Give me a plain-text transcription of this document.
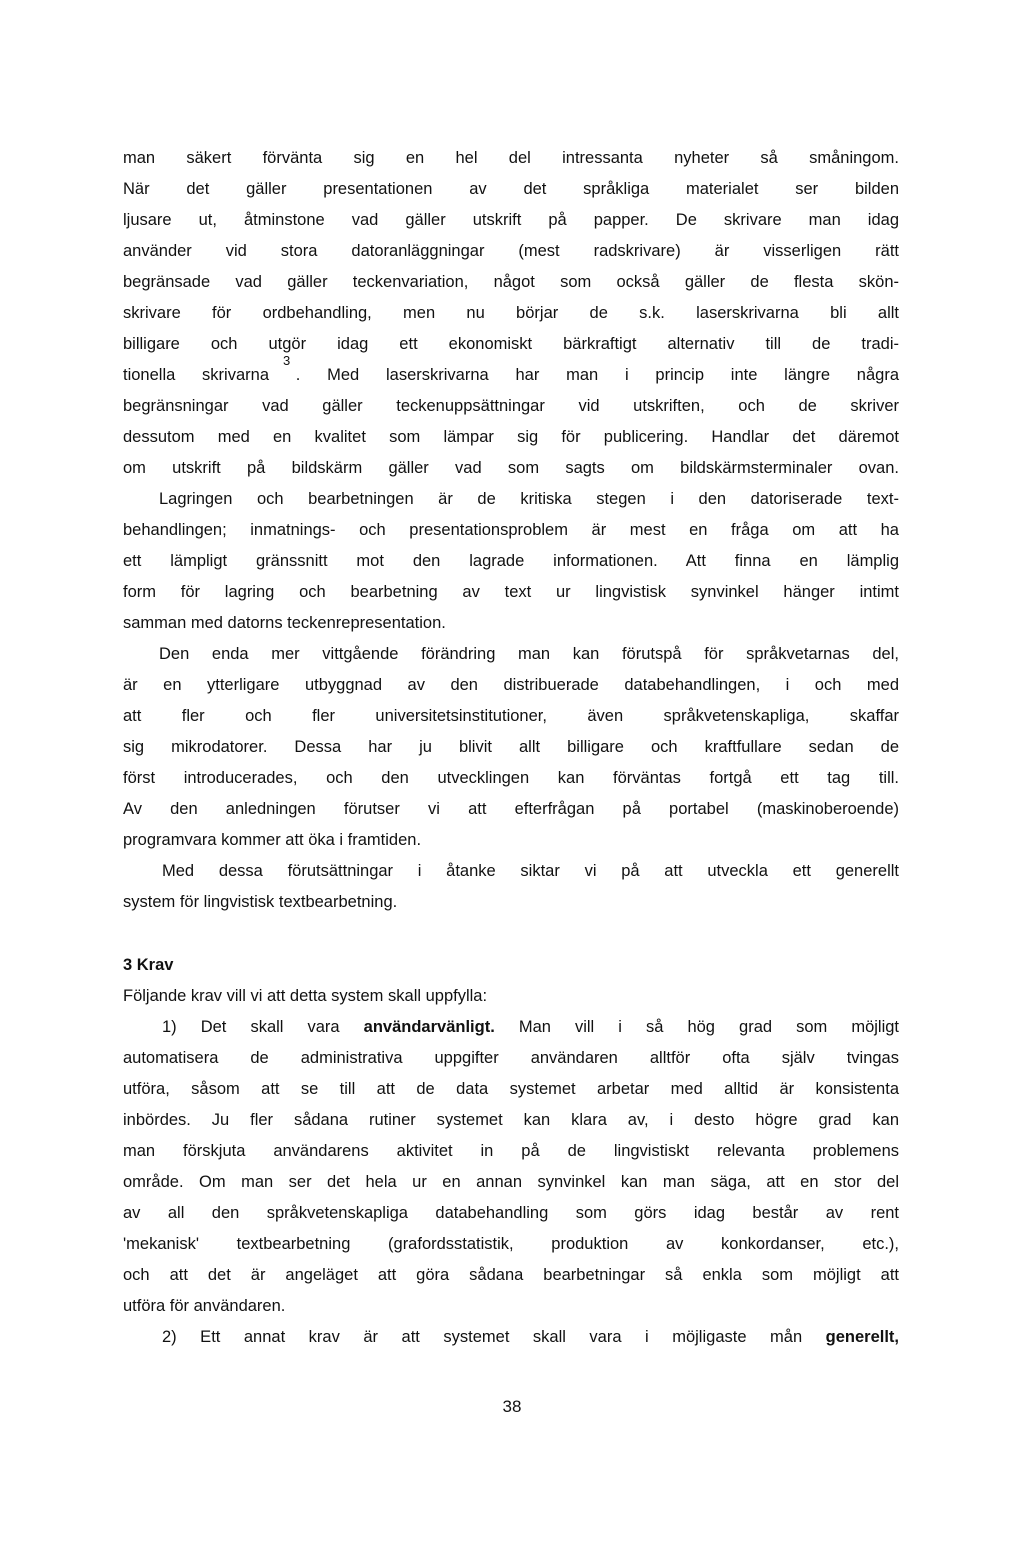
man säkert förvänta sig en hel del intressanta nyheter så småningom.
När det gäller presentationen av det språkliga materialet ser bilden
ljusare ut, åtminstone vad gäller utskrift på papper. De skrivare man idag
använder vid stora datoranläggningar (mest radskrivare) är visserligen rätt
begränsade vad gäller teckenvariation, något som också gäller de flesta skön-
skrivare för ordbehandling, men nu börjar de s.k. laserskrivarna bli allt
billigare och utgör idag ett ekonomiskt bärkraftigt alternativ till de tradi-
3
tionella skrivarna . Med laserskrivarna har man i princip inte längre några
begränsningar vad gäller teckenuppsättningar vid utskriften, och de skriver
dessutom med en kvalitet som lämpar sig för publicering. Handlar det däremot
om utskrift på bildskärm gäller vad som sagts om bildskärmsterminaler ovan.
Lagringen och bearbetningen är de kritiska stegen i den datoriserade text-
behandlingen; inmatnings- och presentationsproblem är mest en fråga om att ha
ett lämpligt gränssnitt mot den lagrade informationen. Att finna en lämplig
form för lagring och bearbetning av text ur lingvistisk synvinkel hänger intimt
samman med datorns teckenrepresentation.
Den enda mer vittgående förändring man kan förutspå för språkvetarnas del,
är en ytterligare utbyggnad av den distribuerade databehandlingen, i och med
att fler och fler universitetsinstitutioner, även språkvetenskapliga, skaffar
sig mikrodatorer. Dessa har ju blivit allt billigare och kraftfullare sedan de
först introducerades, och den utvecklingen kan förväntas fortgå ett tag till.
Av den anledningen förutser vi att efterfrågan på portabel (maskinoberoende)
programvara kommer att öka i framtiden.
Med dessa förutsättningar i åtanke siktar vi på att utveckla ett generellt
system för lingvistisk textbearbetning.
3 Krav
Följande krav vill vi att detta system skall uppfylla:
1) Det skall vara användarvänligt. Man vill i så hög grad som möjligt
automatisera de administrativa uppgifter användaren alltför ofta själv tvingas
utföra, såsom att se till att de data systemet arbetar med alltid är konsistenta
inbördes. Ju fler sådana rutiner systemet kan klara av, i desto högre grad kan
man förskjuta användarens aktivitet in på de lingvistiskt relevanta problemens
område. Om man ser det hela ur en annan synvinkel kan man säga, att en stor del
av all den språkvetenskapliga databehandling som görs idag består av rent
'mekanisk' textbearbetning (grafordsstatistik, produktion av konkordanser, etc.),
och att det är angeläget att göra sådana bearbetningar så enkla som möjligt att
utföra för användaren.
2) Ett annat krav är att systemet skall vara i möjligaste mån generellt,
38
